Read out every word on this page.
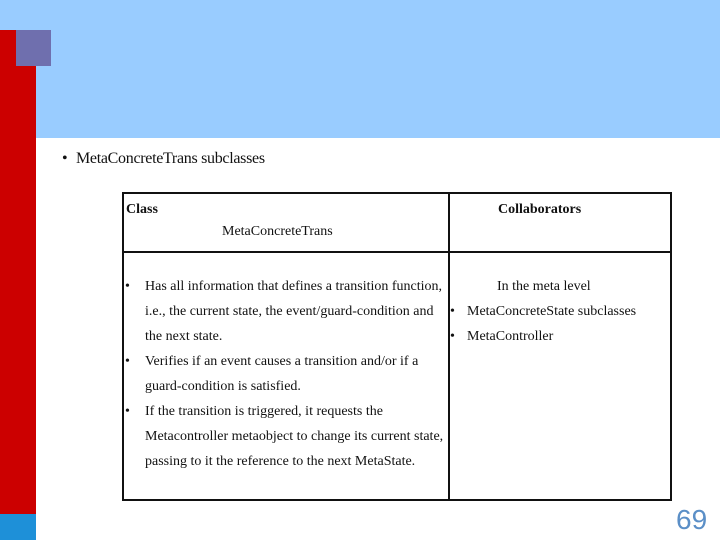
• MetaConcreteTrans subclasses
Class
MetaConcreteTrans
Collaborators
• Has all information that defines a transition function, i.e., the current state, the event/guard-condition and the next state.
• Verifies if an event causes a transition and/or if a guard-condition is satisfied.
• If the transition is triggered, it requests the Metacontroller metaobject to change its current state, passing to it the reference to the next MetaState.
In the meta level
• MetaConcreteState subclasses
• MetaController
69
